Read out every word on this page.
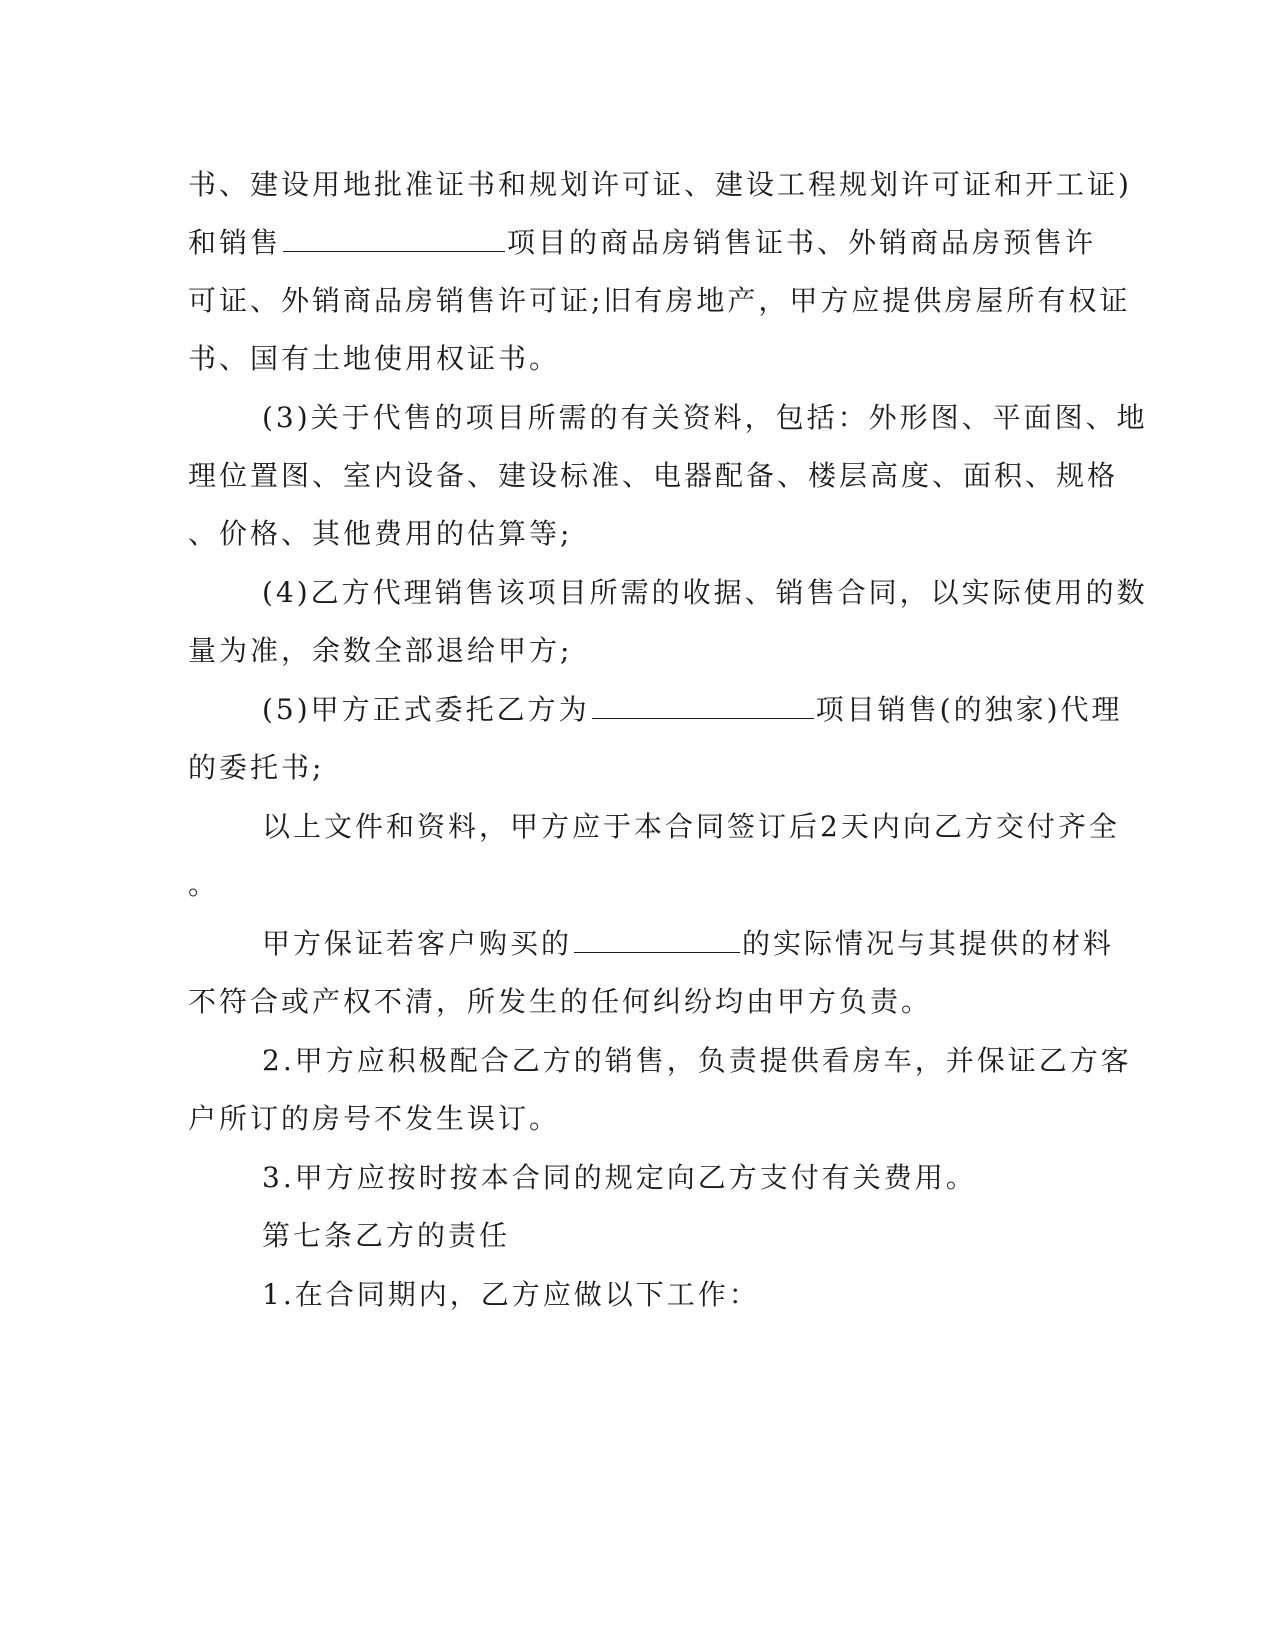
书、建设用地批准证书和规划许可证、建设工程规划许可证和开工证)
和销售	项目的商品房销售证书、外销商品房预售许
可证、外销商品房销售许可证;旧有房地产，甲方应提供房屋所有权证
书、国有土地使用权证书。
(3)关于代售的项目所需的有关资料，包括：外形图、平面图、地
理位置图、室内设备、建设标准、电器配备、楼层高度、面积、规格
、价格、其他费用的估算等;
(4)乙方代理销售该项目所需的收据、销售合同，以实际使用的数
量为准，余数全部退给甲方;
(5)甲方正式委托乙方为	项目销售(的独家)代理
的委托书;
以上文件和资料，甲方应于本合同签订后2天内向乙方交付齐全
。
甲方保证若客户购买的	的实际情况与其提供的材料
不符合或产权不清，所发生的任何纠纷均由甲方负责。
2.甲方应积极配合乙方的销售，负责提供看房车，并保证乙方客
户所订的房号不发生误订。
3.甲方应按时按本合同的规定向乙方支付有关费用。
第七条乙方的责任
1.在合同期内，乙方应做以下工作：
